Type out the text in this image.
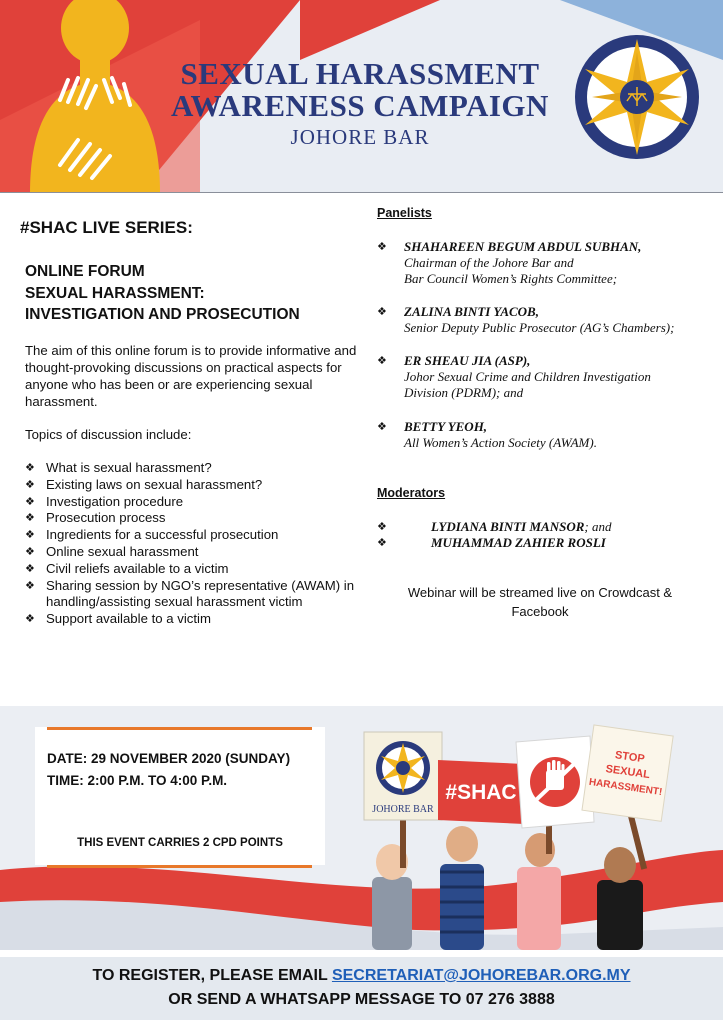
SEXUAL HARASSMENT
AWARENESS CAMPAIGN
JOHORE BAR
#SHAC LIVE SERIES:
ONLINE FORUM
SEXUAL HARASSMENT:
INVESTIGATION AND PROSECUTION

The aim of this online forum is to provide informative and thought-provoking discussions on practical aspects for anyone who has been or are experiencing sexual harassment.

Topics of discussion include:

❖ What is sexual harassment?
❖ Existing laws on sexual harassment?
❖ Investigation procedure
❖ Prosecution process
❖ Ingredients for a successful prosecution
❖ Online sexual harassment
❖ Civil reliefs available to a victim
❖ Sharing session by NGO’s representative (AWAM) in handling/assisting sexual harassment victim
❖ Support available to a victim
Panelists
❖ SHAHAREEN BEGUM ABDUL SUBHAN,
Chairman of the Johore Bar and
Bar Council Women’s Rights Committee;
❖ ZALINA BINTI YACOB,
Senior Deputy Public Prosecutor (AG’s Chambers);
❖ ER SHEAU JIA (ASP),
Johor Sexual Crime and Children Investigation
Division (PDRM); and
❖ BETTY YEOH,
All Women’s Action Society (AWAM).
Moderators
❖	LYDIANA BINTI MANSOR; and
❖	MUHAMMAD ZAHIER ROSLI
Webinar will be streamed live on Crowdcast &
Facebook
JOHORE BAR
#SHAC
STOP
SEXUAL
HARASSMENT!
DATE: 29 NOVEMBER 2020 (SUNDAY)
TIME: 2:00 P.M. TO 4:00 P.M.
THIS EVENT CARRIES 2 CPD POINTS
TO REGISTER, PLEASE EMAIL SECRETARIAT@JOHOREBAR.ORG.MY
OR SEND A WHATSAPP MESSAGE TO 07 276 3888
